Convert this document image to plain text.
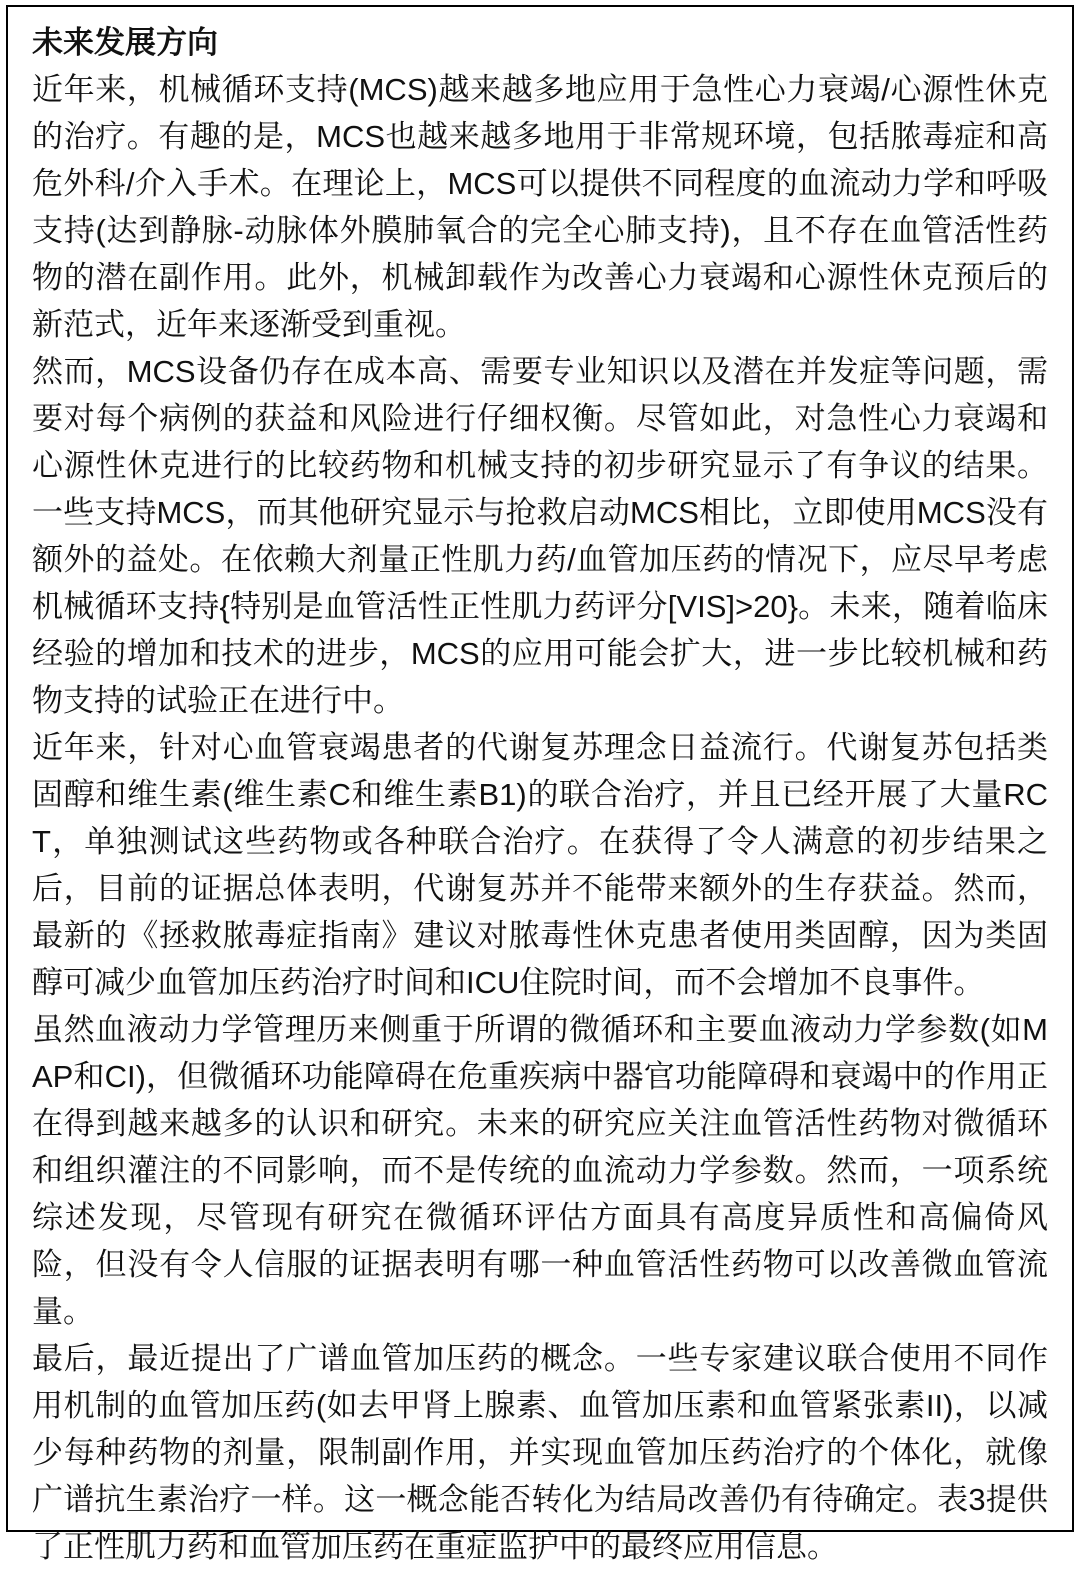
未来发展方向

近年来，机械循环支持(MCS)越来越多地应用于急性心力衰竭/心源性休克的治疗。有趣的是，MCS也越来越多地用于非常规环境，包括脓毒症和高危外科/介入手术。在理论上，MCS可以提供不同程度的血流动力学和呼吸支持(达到静脉-动脉体外膜肺氧合的完全心肺支持)，且不存在血管活性药物的潜在副作用。此外，机械卸载作为改善心力衰竭和心源性休克预后的新范式，近年来逐渐受到重视。

然而，MCS设备仍存在成本高、需要专业知识以及潜在并发症等问题，需要对每个病例的获益和风险进行仔细权衡。尽管如此，对急性心力衰竭和心源性休克进行的比较药物和机械支持的初步研究显示了有争议的结果。一些支持MCS，而其他研究显示与抢救启动MCS相比，立即使用MCS没有额外的益处。在依赖大剂量正性肌力药/血管加压药的情况下，应尽早考虑机械循环支持{特别是血管活性正性肌力药评分[VIS]>20}。未来，随着临床经验的增加和技术的进步，MCS的应用可能会扩大，进一步比较机械和药物支持的试验正在进行中。

近年来，针对心血管衰竭患者的代谢复苏理念日益流行。代谢复苏包括类固醇和维生素(维生素C和维生素B1)的联合治疗，并且已经开展了大量RCT，单独测试这些药物或各种联合治疗。在获得了令人满意的初步结果之后，目前的证据总体表明，代谢复苏并不能带来额外的生存获益。然而，最新的《拯救脓毒症指南》建议对脓毒性休克患者使用类固醇，因为类固醇可减少血管加压药治疗时间和ICU住院时间，而不会增加不良事件。

虽然血液动力学管理历来侧重于所谓的微循环和主要血液动力学参数(如MAP和CI)，但微循环功能障碍在危重疾病中器官功能障碍和衰竭中的作用正在得到越来越多的认识和研究。未来的研究应关注血管活性药物对微循环和组织灌注的不同影响，而不是传统的血流动力学参数。然而，一项系统综述发现，尽管现有研究在微循环评估方面具有高度异质性和高偏倚风险，但没有令人信服的证据表明有哪一种血管活性药物可以改善微血管流量。

最后，最近提出了广谱血管加压药的概念。一些专家建议联合使用不同作用机制的血管加压药(如去甲肾上腺素、血管加压素和血管紧张素II)，以减少每种药物的剂量，限制副作用，并实现血管加压药治疗的个体化，就像广谱抗生素治疗一样。这一概念能否转化为结局改善仍有待确定。表3提供了正性肌力药和血管加压药在重症监护中的最终应用信息。
